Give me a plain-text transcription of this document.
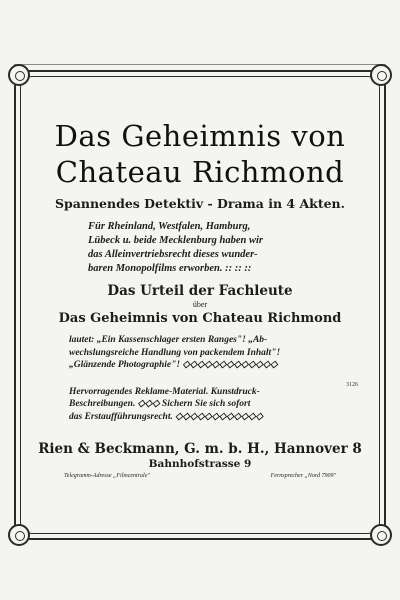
Das Geheimnis von
Chateau Richmond
Spannendes Detektiv - Drama in 4 Akten.
Für Rheinland, Westfalen, Hamburg,
Lübeck u. beide Mecklenburg haben wir
das Alleinvertriebsrecht dieses wunder-
baren Monopolfilms erworben. :: :: ::
Das Urteil der Fachleute
über
Das Geheimnis von Chateau Richmond
lautet: „Ein Kassenschlager ersten Ranges"! „Ab-
wechslungsreiche Handlung von packendem Inhalt"!
„Glänzende Photographie"! ◇◇◇◇◇◇◇◇◇◇◇◇◇
3126
Hervorragendes Reklame-Material. Kunstdruck-
Beschreibungen. ◇◇◇ Sichern Sie sich sofort
das Erstaufführungsrecht. ◇◇◇◇◇◇◇◇◇◇◇◇
Rien & Beckmann, G. m. b. H., Hannover 8
Bahnhofstrasse 9
Telegramm-Adresse „Filmcentrale"	Fernsprecher „Nord 7909"
